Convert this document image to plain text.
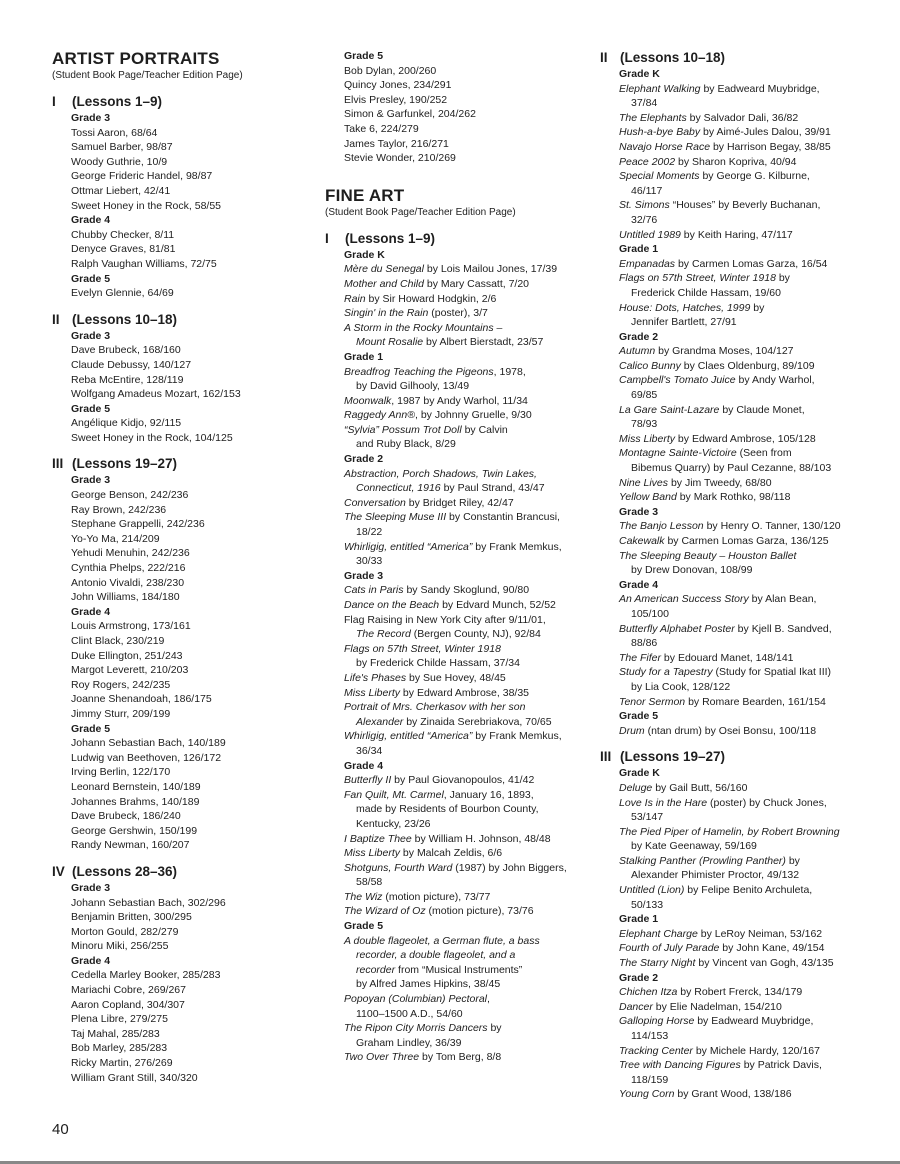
ARTIST PORTRAITS
(Student Book Page/Teacher Edition Page)
I	(Lessons 1–9)
Grade 3
Tossi Aaron, 68/64
Samuel Barber, 98/87
Woody Guthrie, 10/9
George Frideric Handel, 98/87
Ottmar Liebert, 42/41
Sweet Honey in the Rock, 58/55
Grade 4
Chubby Checker, 8/11
Denyce Graves, 81/81
Ralph Vaughan Williams, 72/75
Grade 5
Evelyn Glennie, 64/69
II (Lessons 10–18)
Grade 3
Dave Brubeck, 168/160
Claude Debussy, 140/127
Reba McEntire, 128/119
Wolfgang Amadeus Mozart, 162/153
Grade 5
Angélique Kidjo, 92/115
Sweet Honey in the Rock, 104/125
III (Lessons 19–27)
Grade 3
George Benson, 242/236
Ray Brown, 242/236
Stephane Grappelli, 242/236
Yo-Yo Ma, 214/209
Yehudi Menuhin, 242/236
Cynthia Phelps, 222/216
Antonio Vivaldi, 238/230
John Williams, 184/180
Grade 4
Louis Armstrong, 173/161
Clint Black, 230/219
Duke Ellington, 251/243
Margot Leverett, 210/203
Roy Rogers, 242/235
Joanne Shenandoah, 186/175
Jimmy Sturr, 209/199
Grade 5
Johann Sebastian Bach, 140/189
Ludwig van Beethoven, 126/172
Irving Berlin, 122/170
Leonard Bernstein, 140/189
Johannes Brahms, 140/189
Dave Brubeck, 186/240
George Gershwin, 150/199
Randy Newman, 160/207
IV (Lessons 28–36)
Grade 3
Johann Sebastian Bach, 302/296
Benjamin Britten, 300/295
Morton Gould, 282/279
Minoru Miki, 256/255
Grade 4
Cedella Marley Booker, 285/283
Mariachi Cobre, 269/267
Aaron Copland, 304/307
Plena Libre, 279/275
Taj Mahal, 285/283
Bob Marley, 285/283
Ricky Martin, 276/269
William Grant Still, 340/320
Grade 5
Bob Dylan, 200/260
Quincy Jones, 234/291
Elvis Presley, 190/252
Simon & Garfunkel, 204/262
Take 6, 224/279
James Taylor, 216/271
Stevie Wonder, 210/269
FINE ART
(Student Book Page/Teacher Edition Page)
I	(Lessons 1–9)
Grade K
Mère du Senegal by Lois Mailou Jones, 17/39
Mother and Child by Mary Cassatt, 7/20
Rain by Sir Howard Hodgkin, 2/6
Singin' in the Rain (poster), 3/7
A Storm in the Rocky Mountains –
Mount Rosalie by Albert Bierstadt, 23/57
Grade 1
Breadfrog Teaching the Pigeons, 1978,
by David Gilhooly, 13/49
Moonwalk, 1987 by Andy Warhol, 11/34
Raggedy Ann®, by Johnny Gruelle, 9/30
“Sylvia” Possum Trot Doll by Calvin
and Ruby Black, 8/29
Grade 2
Abstraction, Porch Shadows, Twin Lakes,
Connecticut, 1916 by Paul Strand, 43/47
Conversation by Bridget Riley, 42/47
The Sleeping Muse III by Constantin Brancusi,
18/22
Whirligig, entitled “America” by Frank Memkus,
30/33
Grade 3
Cats in Paris by Sandy Skoglund, 90/80
Dance on the Beach by Edvard Munch, 52/52
Flag Raising in New York City after 9/11/01,
The Record (Bergen County, NJ), 92/84
Flags on 57th Street, Winter 1918
by Frederick Childe Hassam, 37/34
Life's Phases by Sue Hovey, 48/45
Miss Liberty by Edward Ambrose, 38/35
Portrait of Mrs. Cherkasov with her son
Alexander by Zinaida Serebriakova, 70/65
Whirligig, entitled “America” by Frank Memkus,
36/34
Grade 4
Butterfly II by Paul Giovanopoulos, 41/42
Fan Quilt, Mt. Carmel, January 16, 1893,
made by Residents of Bourbon County,
Kentucky, 23/26
I Baptize Thee by William H. Johnson, 48/48
Miss Liberty by Malcah Zeldis, 6/6
Shotguns, Fourth Ward (1987) by John Biggers,
58/58
The Wiz (motion picture), 73/77
The Wizard of Oz (motion picture), 73/76
Grade 5
A double flageolet, a German flute, a bass
recorder, a double flageolet, and a
recorder from “Musical Instruments”
by Alfred James Hipkins, 38/45
Popoyan (Columbian) Pectoral,
1100–1500 A.D., 54/60
The Ripon City Morris Dancers by
Graham Lindley, 36/39
Two Over Three by Tom Berg, 8/8
II (Lessons 10–18)
Grade K
Elephant Walking by Eadweard Muybridge,
37/84
The Elephants by Salvador Dali, 36/82
Hush-a-bye Baby by Aimé-Jules Dalou, 39/91
Navajo Horse Race by Harrison Begay, 38/85
Peace 2002 by Sharon Kopriva, 40/94
Special Moments by George G. Kilburne,
46/117
St. Simons “Houses” by Beverly Buchanan,
32/76
Untitled 1989 by Keith Haring, 47/117
Grade 1
Empanadas by Carmen Lomas Garza, 16/54
Flags on 57th Street, Winter 1918 by
Frederick Childe Hassam, 19/60
House: Dots, Hatches, 1999 by
Jennifer Bartlett, 27/91
Grade 2
Autumn by Grandma Moses, 104/127
Calico Bunny by Claes Oldenburg, 89/109
Campbell's Tomato Juice by Andy Warhol,
69/85
La Gare Saint-Lazare by Claude Monet,
78/93
Miss Liberty by Edward Ambrose, 105/128
Montagne Sainte-Victoire (Seen from
Bibemus Quarry) by Paul Cezanne, 88/103
Nine Lives by Jim Tweedy, 68/80
Yellow Band by Mark Rothko, 98/118
Grade 3
The Banjo Lesson by Henry O. Tanner, 130/120
Cakewalk by Carmen Lomas Garza, 136/125
The Sleeping Beauty – Houston Ballet
by Drew Donovan, 108/99
Grade 4
An American Success Story by Alan Bean,
105/100
Butterfly Alphabet Poster by Kjell B. Sandved,
88/86
The Fifer by Edouard Manet, 148/141
Study for a Tapestry (Study for Spatial Ikat III)
by Lia Cook, 128/122
Tenor Sermon by Romare Bearden, 161/154
Grade 5
Drum (ntan drum) by Osei Bonsu, 100/118
III (Lessons 19–27)
Grade K
Deluge by Gail Butt, 56/160
Love Is in the Hare (poster) by Chuck Jones,
53/147
The Pied Piper of Hamelin, by Robert Browning
by Kate Geenaway, 59/169
Stalking Panther (Prowling Panther) by
Alexander Phimister Proctor, 49/132
Untitled (Lion) by Felipe Benito Archuleta,
50/133
Grade 1
Elephant Charge by LeRoy Neiman, 53/162
Fourth of July Parade by John Kane, 49/154
The Starry Night by Vincent van Gogh, 43/135
Grade 2
Chichen Itza by Robert Frerck, 134/179
Dancer by Elie Nadelman, 154/210
Galloping Horse by Eadweard Muybridge,
114/153
Tracking Center by Michele Hardy, 120/167
Tree with Dancing Figures by Patrick Davis,
118/159
Young Corn by Grant Wood, 138/186
40
